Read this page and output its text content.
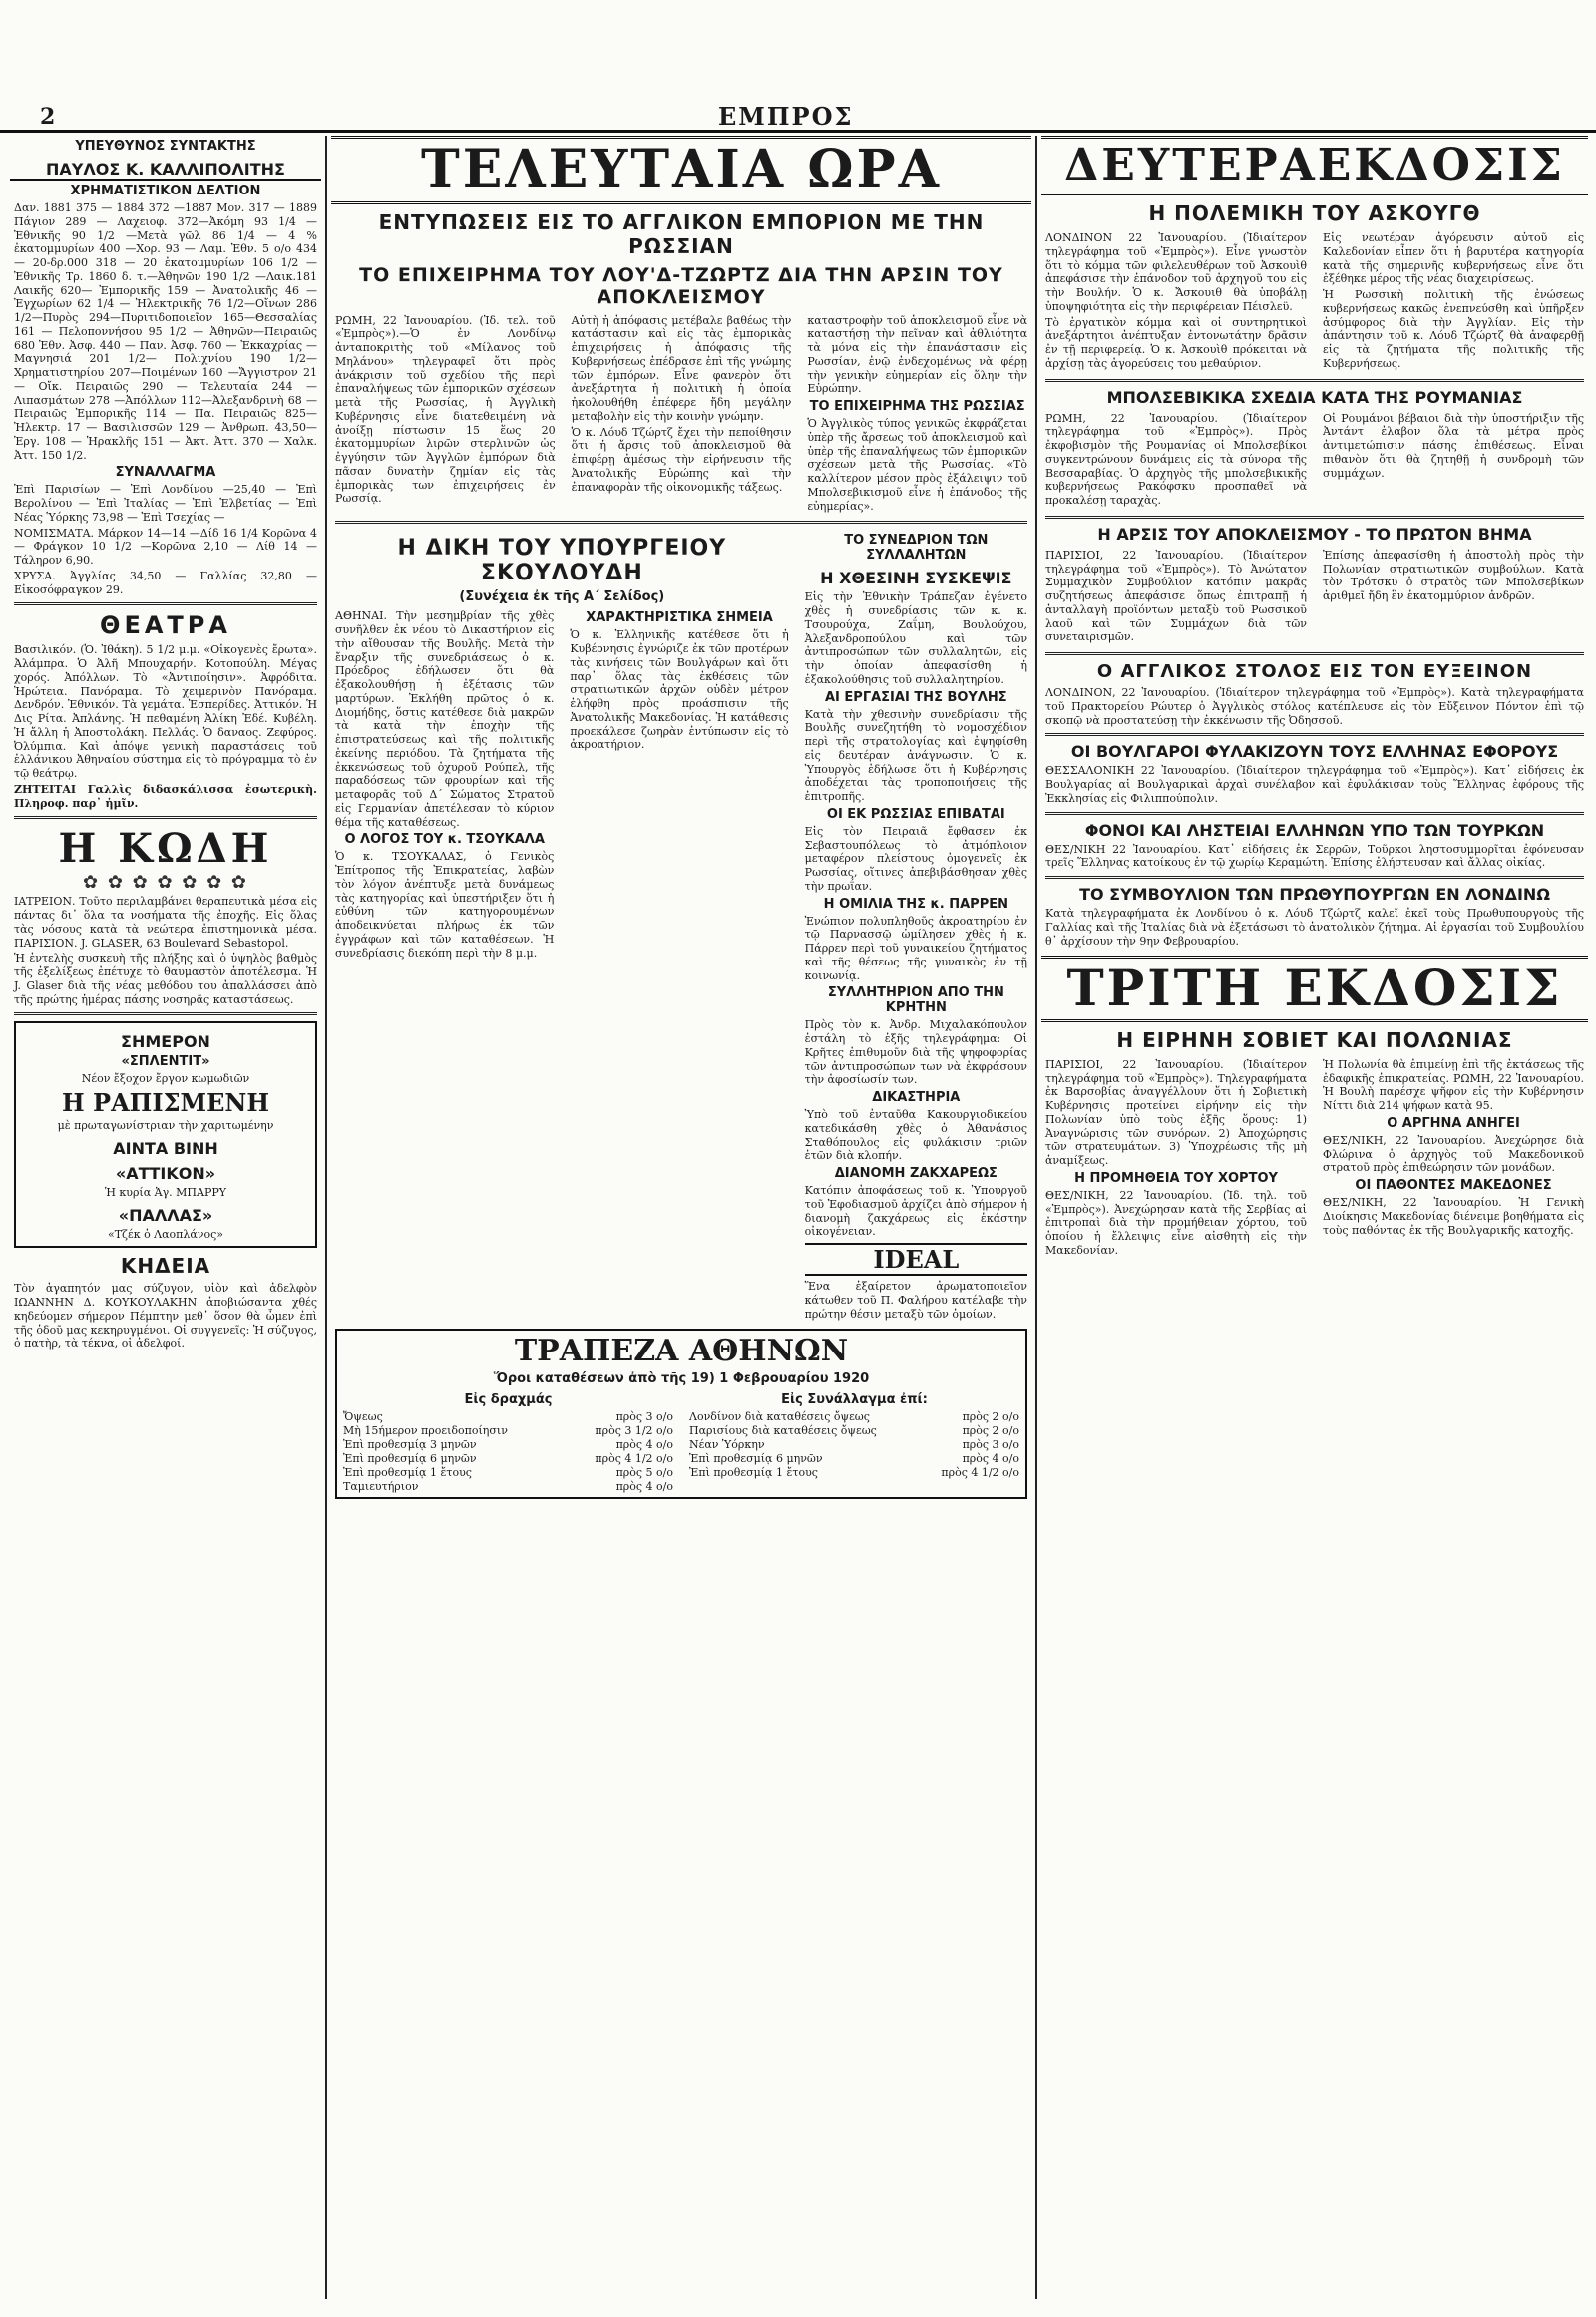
2	ΕΜΠΡΟΣ
ΥΠΕΥΘΥΝΟΣ ΣΥΝΤΑΚΤΗΣ
ΠΑΥΛΟΣ Κ. ΚΑΛΛΙΠΟΛΙΤΗΣ
ΧΡΗΜΑΤΙΣΤΙΚΟΝ ΔΕΛΤΙΟΝ
Δαν. 1881 375 — 1884 372 —1887 Μον. 317 — 1889 Πάγιον 289 — Λαχειοφ. 372—Ἀκόμη 93 1/4 — Ἐθνικῆς 90 1/2 —Μετὰ γῶλ 86 1/4 — 4 % ἐκατομμυρίων 400 —Χορ. 93 — Λαμ. Ἐθν. 5 ο/ο 434 — 20-δρ.000 318 — 20 ἐκατομμυρίων 106 1/2 — Ἐθνικῆς Τρ. 1860 δ. τ.—Ἀθηνῶν 190 1/2 —Λαικ.181 Λαικῆς 620— Ἐμπορικῆς 159 — Ἀνατολικῆς 46 — Ἐγχωρίων 62 1/4 — Ἠλεκτρικῆς 76 1/2—Οἴνων 286 1/2—Πυρὸς 294—Πυριτιδοποιεῖον 165—Θεσσαλίας 161 — Πελοποννήσου 95 1/2 — Ἀθηνῶν—Πειραιῶς 680 Ἐθν. Ἀσφ. 440 — Παν. Ἀσφ. 760 — Ἐκκαχρίας — Μαγνησιά 201 1/2— Πολιχνίου 190 1/2—Χρηματιστηρίου 207—Ποιμένων 160 —Ἄγγιστρον 21 — Οἴκ. Πειραιῶς 290 — Τελευταία 244 — Λιπασμάτων 278 —Ἀπόλλων 112—Ἀλεξανδρινὴ 68 — Πειραιῶς Ἐμπορικῆς 114 — Πα. Πειραιῶς 825—Ἠλεκτρ. 17 — Βασιλισσῶν 129 — Ἀνθρωπ. 43,50—Ἐργ. 108 — Ἡρακλῆς 151 — Ἀκτ. Ἀττ. 370 — Χαλκ. Ἀττ. 150 1/2.
ΣΥΝΑΛΛΑΓΜΑ
Ἐπὶ Παρισίων — Ἐπὶ Λονδίνου —25,40 — Ἐπὶ Βερολίνου — Ἐπὶ Ἰταλίας — Ἐπὶ Ἑλβετίας — Ἐπὶ Νέας Ὑόρκης 73,98 — Ἐπὶ Τσεχίας —
ΝΟΜΙΣΜΑΤΑ. Μάρκον 14—14 —Δίδ 16 1/4 Κορῶνα 4 — Φράγκον 10 1/2 —Κορῶνα 2,10 — Λίθ 14 — Τάληρον 6,90.
ΧΡΥΣΑ. Ἀγγλίας 34,50 — Γαλλίας 32,80 — Εἰκοσόφραγκον 29.
ΘΕΑΤΡΑ
Βασιλικόν. (Ὁ. Ἰθάκη). 5 1/2 μ.μ. «Οἰκογενὲς ἔρωτα». Ἀλάμπρα. Ὁ Ἀλῆ Μπουχαρήν. Κοτοπούλη. Μέγας χορός. Ἀπόλλων. Τὸ «Ἀντιποίησιν». Ἀφρόδιτα. Ἠρώτεια. Πανόραμα. Τὸ χειμερινὸν Πανόραμα. Δενδρόν. Ἐθνικόν. Τὰ γεμάτα. Ἐσπερίδες. Ἀττικόν. Ἡ Δις Ρίτα. Ἀπλάνης. Ἡ πεθαμένη Ἀλίκη Ἐδέ. Κυβέλη. Ἡ ἄλλη ἡ Ἀποστολάκη. Πελλάς. Ὁ δαναος. Ζεφύρος. Ὀλύμπια. Καὶ ἀπόψε γενικὴ παραστάσεις τοῦ ἑλλάνικου Ἀθηναίου σύστημα εἰς τὸ πρόγραμμα τὸ ἐν τῷ θεάτρῳ.
ΖΗΤΕΙΤΑΙ Γαλλὶς διδασκάλισσα ἐσωτερικὴ. Πληροφ. παρ᾽ ἡμῖν.
Η ΚΩΔΗ
✿ ✿ ✿ ✿ ✿ ✿ ✿
ΙΑΤΡΕΙΟΝ. Τοῦτο περιλαμβάνει θεραπευτικὰ μέσα εἰς πάντας δι᾽ ὅλα τα νοσήματα τῆς ἐποχῆς. Εἰς ὅλας τὰς νόσους κατὰ τὰ νεώτερα ἐπιστημονικὰ μέσα. ΠΑΡΙΣΙΟΝ. J. GLASER, 63 Boulevard Sebastopol.
Ἡ ἐντελὴς συσκευὴ τῆς πλήξης καὶ ὁ ὑψηλὸς βαθμὸς τῆς ἐξελίξεως ἐπέτυχε τὸ θαυμαστὸν ἀποτέλεσμα. Ἡ J. Glaser διὰ τῆς νέας μεθόδου του ἀπαλλάσσει ἀπὸ τῆς πρώτης ἡμέρας πάσης νοσηρᾶς καταστάσεως.
ΣΗΜΕΡΟΝ
«ΣΠΛΕΝΤΙΤ»
Νέον ἔξοχον ἔργον κωμωδιῶν
Η ΡΑΠΙΣΜΕΝΗ
μὲ πρωταγωνίστριαν τὴν χαριτωμένην
ΑΙΝΤΑ ΒΙΝΗ
«ΑΤΤΙΚΟΝ»
Ἡ κυρία Ἀγ. ΜΠΑΡΡΥ
«ΠΑΛΛΑΣ»
«Τζέκ ὁ Λαοπλάνος»
ΚΗΔΕΙΑ
Τὸν ἀγαπητόν μας σύζυγον, υἱὸν καὶ ἀδελφὸν ΙΩΑΝΝΗΝ Δ. ΚΟΥΚΟΥΛΑΚΗΝ ἀποβιώσαντα χθές κηδεύομεν σήμερον Πέμπτην μεθ᾽ ὅσον θὰ ὦμεν ἐπὶ τῆς ὁδοῦ μας κεκηρυγμένοι. Οἱ συγγενεῖς: Ἡ σύζυγος, ὁ πατὴρ, τὰ τέκνα, οἱ ἀδελφοί.
ΤΕΛΕΥΤΑΙΑ ΩΡΑ
ΕΝΤΥΠΩΣΕΙΣ ΕΙΣ ΤΟ ΑΓΓΛΙΚΟΝ ΕΜΠΟΡΙΟΝ ΜΕ ΤΗΝ ΡΩΣΣΙΑΝ
ΤΟ ΕΠΙΧΕΙΡΗΜΑ ΤΟΥ ΛΟΥ'Δ-ΤΖΩΡΤΖ ΔΙΑ ΤΗΝ ΑΡΣΙΝ ΤΟΥ ΑΠΟΚΛΕΙΣΜΟΥ
ΡΩΜΗ, 22 Ἰανουαρίου. (Ἰδ. τελ. τοῦ «Ἐμπρὸς»).—Ὁ ἐν Λονδίνῳ ἀνταποκριτὴς τοῦ «Μίλανος τοῦ Μηλάνου» τηλεγραφεῖ ὅτι πρὸς ἀνάκρισιν τοῦ σχεδίου τῆς περὶ ἐπαναλήψεως τῶν ἐμπορικῶν σχέσεων μετὰ τῆς Ρωσσίας, ἡ Ἀγγλικὴ Κυβέρνησις εἶνε διατεθειμένη νὰ ἀνοίξῃ πίστωσιν 15 ἕως 20 ἑκατομμυρίων λιρῶν στερλινῶν ὡς ἐγγύησιν τῶν Ἀγγλῶν ἐμπόρων διὰ πᾶσαν δυνατὴν ζημίαν εἰς τὰς ἐμπορικὰς των ἐπιχειρήσεις ἐν Ρωσσίᾳ.
Αὐτὴ ἡ ἀπόφασις μετέβαλε βαθέως τὴν κατάστασιν καὶ εἰς τὰς ἐμπορικὰς ἐπιχειρήσεις ἡ ἀπόφασις τῆς Κυβερνήσεως ἐπέδρασε ἐπὶ τῆς γνώμης τῶν ἐμπόρων. Εἶνε φανερὸν ὅτι ἀνεξάρτητα ἡ πολιτικὴ ἡ ὁποία ἠκολουθήθη ἐπέφερε ἤδη μεγάλην μεταβολὴν εἰς τὴν κοινὴν γνώμην.
Ὁ κ. Λόυδ Τζώρτζ ἔχει τὴν πεποίθησιν ὅτι ἡ ἄρσις τοῦ ἀποκλεισμοῦ θὰ ἐπιφέρῃ ἀμέσως τὴν εἰρήνευσιν τῆς Ἀνατολικῆς Εὐρώπης καὶ τὴν ἐπαναφορὰν τῆς οἰκονομικῆς τάξεως.
καταστροφὴν τοῦ ἀποκλεισμοῦ εἶνε νὰ καταστήσῃ τὴν πεῖναν καὶ ἀθλιότητα τὰ μόνα εἰς τὴν ἐπανάστασιν εἰς Ρωσσίαν, ἐνῷ ἐνδεχομένως νὰ φέρῃ τὴν γενικὴν εὐημερίαν εἰς ὅλην τὴν Εὐρώπην.
ΤΟ ΕΠΙΧΕΙΡΗΜΑ ΤΗΣ ΡΩΣΣΙΑΣ
Ὁ Ἀγγλικὸς τύπος γενικῶς ἐκφράζεται ὑπὲρ τῆς ἄρσεως τοῦ ἀποκλεισμοῦ καὶ ὑπὲρ τῆς ἐπαναλήψεως τῶν ἐμπορικῶν σχέσεων μετὰ τῆς Ρωσσίας. «Τὸ καλλίτερον μέσον πρὸς ἐξάλειψιν τοῦ Μπολσεβικισμοῦ εἶνε ἡ ἐπάνοδος τῆς εὐημερίας».
Η ΔΙΚΗ ΤΟΥ ΥΠΟΥΡΓΕΙΟΥ ΣΚΟΥΛΟΥΔΗ
(Συνέχεια ἐκ τῆς Α΄ Σελίδος)
ΑΘΗΝΑΙ. Τὴν μεσημβρίαν τῆς χθὲς συνῆλθεν ἐκ νέου τὸ Δικαστήριον εἰς τὴν αἴθουσαν τῆς Βουλῆς. Μετὰ τὴν ἔναρξιν τῆς συνεδριάσεως ὁ κ. Πρόεδρος ἐδήλωσεν ὅτι θὰ ἐξακολουθήσῃ ἡ ἐξέτασις τῶν μαρτύρων. Ἐκλήθη πρῶτος ὁ κ. Διομήδης, ὅστις κατέθεσε διὰ μακρῶν τὰ κατὰ τὴν ἐποχὴν τῆς ἐπιστρατεύσεως καὶ τῆς πολιτικῆς ἐκείνης περιόδου. Τὰ ζητήματα τῆς ἐκκενώσεως τοῦ ὀχυροῦ Ρούπελ, τῆς παραδόσεως τῶν φρουρίων καὶ τῆς μεταφορᾶς τοῦ Δ΄ Σώματος Στρατοῦ εἰς Γερμανίαν ἀπετέλεσαν τὸ κύριον θέμα τῆς καταθέσεως.
Ο ΛΟΓΟΣ ΤΟΥ κ. ΤΣΟΥΚΑΛΑ
Ὁ κ. ΤΣΟΥΚΑΛΑΣ, ὁ Γενικὸς Ἐπίτροπος τῆς Ἐπικρατείας, λαβὼν τὸν λόγον ἀνέπτυξε μετὰ δυνάμεως τὰς κατηγορίας καὶ ὑπεστήριξεν ὅτι ἡ εὐθύνη τῶν κατηγορουμένων ἀποδεικνύεται πλήρως ἐκ τῶν ἐγγράφων καὶ τῶν καταθέσεων. Ἡ συνεδρίασις διεκόπη περὶ τὴν 8 μ.μ.
ΧΑΡΑΚΤΗΡΙΣΤΙΚΑ ΣΗΜΕΙΑ
Ὁ κ. Ἐλληνικῆς κατέθεσε ὅτι ἡ Κυβέρνησις ἐγνώριζε ἐκ τῶν προτέρων τὰς κινήσεις τῶν Βουλγάρων καὶ ὅτι παρ᾽ ὅλας τὰς ἐκθέσεις τῶν στρατιωτικῶν ἀρχῶν οὐδὲν μέτρον ἐλήφθη πρὸς προάσπισιν τῆς Ἀνατολικῆς Μακεδονίας. Ἡ κατάθεσις προεκάλεσε ζωηρὰν ἐντύπωσιν εἰς τὸ ἀκροατήριον.
ΤΟ ΣΥΝΕΔΡΙΟΝ ΤΩΝ ΣΥΛΛΑΛΗΤΩΝ
Η ΧΘΕΣΙΝΗ ΣΥΣΚΕΨΙΣ
Εἰς τὴν Ἐθνικὴν Τράπεζαν ἐγένετο χθὲς ἡ συνεδρίασις τῶν κ. κ. Τσουρούχα, Ζαΐμη, Βουλούχου, Ἀλεξανδροπούλου καὶ τῶν ἀντιπροσώπων τῶν συλλαλητῶν, εἰς τὴν ὁποίαν ἀπεφασίσθη ἡ ἐξακολούθησις τοῦ συλλαλητηρίου.
ΑΙ ΕΡΓΑΣΙΑΙ ΤΗΣ ΒΟΥΛΗΣ
Κατὰ τὴν χθεσινὴν συνεδρίασιν τῆς Βουλῆς συνεζητήθη τὸ νομοσχέδιον περὶ τῆς στρατολογίας καὶ ἐψηφίσθη εἰς δευτέραν ἀνάγνωσιν. Ὁ κ. Ὑπουργὸς ἐδήλωσε ὅτι ἡ Κυβέρνησις ἀποδέχεται τὰς τροποποιήσεις τῆς ἐπιτροπῆς.
ΟΙ ΕΚ ΡΩΣΣΙΑΣ ΕΠΙΒΑΤΑΙ
Εἰς τὸν Πειραιᾶ ἔφθασεν ἐκ Σεβαστουπόλεως τὸ ἀτμόπλοιον μεταφέρον πλείστους ὁμογενεῖς ἐκ Ρωσσίας, οἵτινες ἀπεβιβάσθησαν χθὲς τὴν πρωΐαν.
Η ΟΜΙΛΙΑ ΤΗΣ κ. ΠΑΡΡΕΝ
Ἐνώπιον πολυπληθοῦς ἀκροατηρίου ἐν τῷ Παρνασσῷ ὡμίλησεν χθὲς ἡ κ. Πάρρεν περὶ τοῦ γυναικείου ζητήματος καὶ τῆς θέσεως τῆς γυναικὸς ἐν τῇ κοινωνίᾳ.
ΣΥΛΛΗΤΗΡΙΟΝ ΑΠΟ ΤΗΝ ΚΡΗΤΗΝ
Πρὸς τὸν κ. Ἀνδρ. Μιχαλακόπουλον ἐστάλη τὸ ἑξῆς τηλεγράφημα: Οἱ Κρῆτες ἐπιθυμοῦν διὰ τῆς ψηφοφορίας τῶν ἀντιπροσώπων των νὰ ἐκφράσουν τὴν ἀφοσίωσίν των.
ΔΙΚΑΣΤΗΡΙΑ
Ὑπὸ τοῦ ἐνταῦθα Κακουργιοδικείου κατεδικάσθη χθὲς ὁ Ἀθανάσιος Σταθόπουλος εἰς φυλάκισιν τριῶν ἐτῶν διὰ κλοπήν.
ΔΙΑΝΟΜΗ ΖΑΚΧΑΡΕΩΣ
Κατόπιν ἀποφάσεως τοῦ κ. Ὑπουργοῦ τοῦ Ἐφοδιασμοῦ ἀρχίζει ἀπὸ σήμερον ἡ διανομὴ ζακχάρεως εἰς ἑκάστην οἰκογένειαν.
IDEAL
Ἕνα ἐξαίρετον ἀρωματοποιεῖον κάτωθεν τοῦ Π. Φαλήρου κατέλαβε τὴν πρώτην θέσιν μεταξὺ τῶν ὁμοίων.
ΤΡΑΠΕΖΑ ΑΘΗΝΩΝ
Ὅροι καταθέσεων ἀπὸ τῆς 19) 1 Φεβρουαρίου 1920
Εἰς δραχμάς
Ὄψεως	πρὸς 3 ο/ο
Μὴ 15ήμερον προειδοποίησιν	πρὸς 3 1/2 ο/ο
Ἐπὶ προθεσμίᾳ 3 μηνῶν	πρὸς 4 ο/ο
Ἐπὶ προθεσμίᾳ 6 μηνῶν	πρὸς 4 1/2 ο/ο
Ἐπὶ προθεσμίᾳ 1 ἔτους	πρὸς 5 ο/ο
Ταμιευτήριον	πρὸς 4 ο/ο
Εἰς Συνάλλαγμα ἐπί:
Λονδίνον διὰ καταθέσεις ὄψεως	πρὸς 2 ο/ο
Παρισίους διὰ καταθέσεις ὄψεως	πρὸς 2 ο/ο
Νέαν Ὑόρκην	πρὸς 3 ο/ο
Ἐπὶ προθεσμίᾳ 6 μηνῶν	πρὸς 4 ο/ο
Ἐπὶ προθεσμίᾳ 1 ἔτους	πρὸς 4 1/2 ο/ο
ΔΕΥΤΕΡΑΕΚΔΟΣΙΣ
Η ΠΟΛΕΜΙΚΗ ΤΟΥ ΑΣΚΟΥΓΘ
ΛΟΝΔΙΝΟΝ 22 Ἰανουαρίου. (Ἰδιαίτερον τηλεγράφημα τοῦ «Ἐμπρὸς»). Εἶνε γνωστὸν ὅτι τὸ κόμμα τῶν φιλελευθέρων τοῦ Ἀσκουὶθ ἀπεφάσισε τὴν ἐπάνοδον τοῦ ἀρχηγοῦ του εἰς τὴν Βουλήν. Ὁ κ. Ἄσκουιθ θὰ ὑποβάλῃ ὑποψηφιότητα εἰς τὴν περιφέρειαν Πέισλεϋ.
Τὸ ἐργατικὸν κόμμα καὶ οἱ συντηρητικοὶ ἀνεξάρτητοι ἀνέπτυξαν ἐντονωτάτην δρᾶσιν ἐν τῇ περιφερείᾳ. Ὁ κ. Ἀσκουὶθ πρόκειται νὰ ἀρχίσῃ τὰς ἀγορεύσεις του μεθαύριον.
Εἰς νεωτέραν ἀγόρευσιν αὐτοῦ εἰς Καλεδονίαν εἶπεν ὅτι ἡ βαρυτέρα κατηγορία κατὰ τῆς σημερινῆς κυβερνήσεως εἶνε ὅτι ἐξέθηκε μέρος τῆς νέας διαχειρίσεως.
Ἡ Ρωσσικὴ πολιτικὴ τῆς ἐνώσεως κυβερνήσεως κακῶς ἐνεπνεύσθη καὶ ὑπῆρξεν ἀσύμφορος διὰ τὴν Ἀγγλίαν. Εἰς τὴν ἀπάντησιν τοῦ κ. Λόυδ Τζώρτζ θὰ ἀναφερθῇ εἰς τὰ ζητήματα τῆς πολιτικῆς τῆς Κυβερνήσεως.
ΜΠΟΛΣΕΒΙΚΙΚΑ ΣΧΕΔΙΑ ΚΑΤΑ ΤΗΣ ΡΟΥΜΑΝΙΑΣ
ΡΩΜΗ, 22 Ἰανουαρίου. (Ἰδιαίτερον τηλεγράφημα τοῦ «Ἐμπρὸς»). Πρὸς ἐκφοβισμὸν τῆς Ρουμανίας οἱ Μπολσεβίκοι συγκεντρώνουν δυνάμεις εἰς τὰ σύνορα τῆς Βεσσαραβίας. Ὁ ἀρχηγὸς τῆς μπολσεβικικῆς κυβερνήσεως Ρακόφσκυ προσπαθεῖ νὰ προκαλέσῃ ταραχὰς.
Οἱ Ρουμάνοι βέβαιοι διὰ τὴν ὑποστήριξιν τῆς Ἀντάντ ἐλαβον ὅλα τὰ μέτρα πρὸς ἀντιμετώπισιν πάσης ἐπιθέσεως. Εἶναι πιθανὸν ὅτι θὰ ζητηθῇ ἡ συνδρομὴ τῶν συμμάχων.
Η ΑΡΣΙΣ ΤΟΥ ΑΠΟΚΛΕΙΣΜΟΥ - ΤΟ ΠΡΩΤΟΝ ΒΗΜΑ
ΠΑΡΙΣΙΟΙ, 22 Ἰανουαρίου. (Ἰδιαίτερον τηλεγράφημα τοῦ «Ἐμπρὸς»). Τὸ Ἀνώτατον Συμμαχικὸν Συμβούλιον κατόπιν μακρᾶς συζητήσεως ἀπεφάσισε ὅπως ἐπιτραπῇ ἡ ἀνταλλαγὴ προϊόντων μεταξὺ τοῦ Ρωσσικοῦ λαοῦ καὶ τῶν Συμμάχων διὰ τῶν συνεταιρισμῶν.
Ἐπίσης ἀπεφασίσθη ἡ ἀποστολὴ πρὸς τὴν Πολωνίαν στρατιωτικῶν συμβούλων. Κατὰ τὸν Τρότσκυ ὁ στρατὸς τῶν Μπολσεβίκων ἀριθμεῖ ἤδη ἓν ἑκατομμύριον ἀνδρῶν.
Ο ΑΓΓΛΙΚΟΣ ΣΤΟΛΟΣ ΕΙΣ ΤΟΝ ΕΥΞΕΙΝΟΝ
ΛΟΝΔΙΝΟΝ, 22 Ἰανουαρίου. (Ἰδιαίτερον τηλεγράφημα τοῦ «Ἐμπρὸς»). Κατὰ τηλεγραφήματα τοῦ Πρακτορείου Ρώυτερ ὁ Ἀγγλικὸς στόλος κατέπλευσε εἰς τὸν Εὔξεινον Πόντον ἐπὶ τῷ σκοπῷ νὰ προστατεύσῃ τὴν ἐκκένωσιν τῆς Ὀδησσοῦ.
ΟΙ ΒΟΥΛΓΑΡΟΙ ΦΥΛΑΚΙΖΟΥΝ ΤΟΥΣ ΕΛΛΗΝΑΣ ΕΦΟΡΟΥΣ
ΘΕΣΣΑΛΟΝΙΚΗ 22 Ἰανουαρίου. (Ἰδιαίτερον τηλεγράφημα τοῦ «Ἐμπρὸς»). Κατ᾽ εἰδήσεις ἐκ Βουλγαρίας αἱ Βουλγαρικαὶ ἀρχαὶ συνέλαβον καὶ ἐφυλάκισαν τοὺς Ἕλληνας ἐφόρους τῆς Ἐκκλησίας εἰς Φιλιππούπολιν.
ΦΟΝΟΙ ΚΑΙ ΛΗΣΤΕΙΑΙ ΕΛΛΗΝΩΝ ΥΠΟ ΤΩΝ ΤΟΥΡΚΩΝ
ΘΕΣ/ΝΙΚΗ 22 Ἰανουαρίου. Κατ᾽ εἰδήσεις ἐκ Σερρῶν, Τοῦρκοι ληστοσυμμορῖται ἐφόνευσαν τρεῖς Ἕλληνας κατοίκους ἐν τῷ χωρίῳ Κεραμώτη. Ἐπίσης ἐλήστευσαν καὶ ἄλλας οἰκίας.
ΤΟ ΣΥΜΒΟΥΛΙΟΝ ΤΩΝ ΠΡΩΘΥΠΟΥΡΓΩΝ ΕΝ ΛΟΝΔΙΝΩ
Κατὰ τηλεγραφήματα ἐκ Λονδίνου ὁ κ. Λόυδ Τζώρτζ καλεῖ ἐκεῖ τοὺς Πρωθυπουργοὺς τῆς Γαλλίας καὶ τῆς Ἰταλίας διὰ νὰ ἐξετάσωσι τὸ ἀνατολικὸν ζήτημα. Αἱ ἐργασίαι τοῦ Συμβουλίου θ᾽ ἀρχίσουν τὴν 9ην Φεβρουαρίου.
ΤΡΙΤΗ ΕΚΔΟΣΙΣ
Η ΕΙΡΗΝΗ ΣΟΒΙΕΤ ΚΑΙ ΠΟΛΩΝΙΑΣ
ΠΑΡΙΣΙΟΙ, 22 Ἰανουαρίου. (Ἰδιαίτερον τηλεγράφημα τοῦ «Ἐμπρὸς»). Τηλεγραφήματα ἐκ Βαρσοβίας ἀναγγέλλουν ὅτι ἡ Σοβιετικὴ Κυβέρνησις προτείνει εἰρήνην εἰς τὴν Πολωνίαν ὑπὸ τοὺς ἑξῆς ὅρους: 1) Ἀναγνώρισις τῶν συνόρων. 2) Ἀποχώρησις τῶν στρατευμάτων. 3) Ὑποχρέωσις τῆς μὴ ἀναμίξεως.
Η ΠΡΟΜΗΘΕΙΑ ΤΟΥ ΧΟΡΤΟΥ
ΘΕΣ/ΝΙΚΗ, 22 Ἰανουαρίου. (Ἰδ. τηλ. τοῦ «Ἐμπρὸς»). Ἀνεχώρησαν κατὰ τῆς Σερβίας αἱ ἐπιτροπαὶ διὰ τὴν προμήθειαν χόρτου, τοῦ ὁποίου ἡ ἔλλειψις εἶνε αἰσθητὴ εἰς τὴν Μακεδονίαν.
Ἡ Πολωνία θὰ ἐπιμείνῃ ἐπὶ τῆς ἐκτάσεως τῆς ἐδαφικῆς ἐπικρατείας. ΡΩΜΗ, 22 Ἰανουαρίου. Ἡ Βουλὴ παρέσχε ψῆφον εἰς τὴν Κυβέρνησιν Νίττι διὰ 214 ψήφων κατὰ 95.
Ο ΑΡΓΗΝΑ ΑΝΗΓΕΙ
ΘΕΣ/ΝΙΚΗ, 22 Ἰανουαρίου. Ἀνεχώρησε διὰ Φλώρινα ὁ ἀρχηγὸς τοῦ Μακεδονικοῦ στρατοῦ πρὸς ἐπιθεώρησιν τῶν μονάδων.
ΟΙ ΠΑΘΟΝΤΕΣ ΜΑΚΕΔΟΝΕΣ
ΘΕΣ/ΝΙΚΗ, 22 Ἰανουαρίου. Ἡ Γενικὴ Διοίκησις Μακεδονίας διένειμε βοηθήματα εἰς τοὺς παθόντας ἐκ τῆς Βουλγαρικῆς κατοχῆς.
